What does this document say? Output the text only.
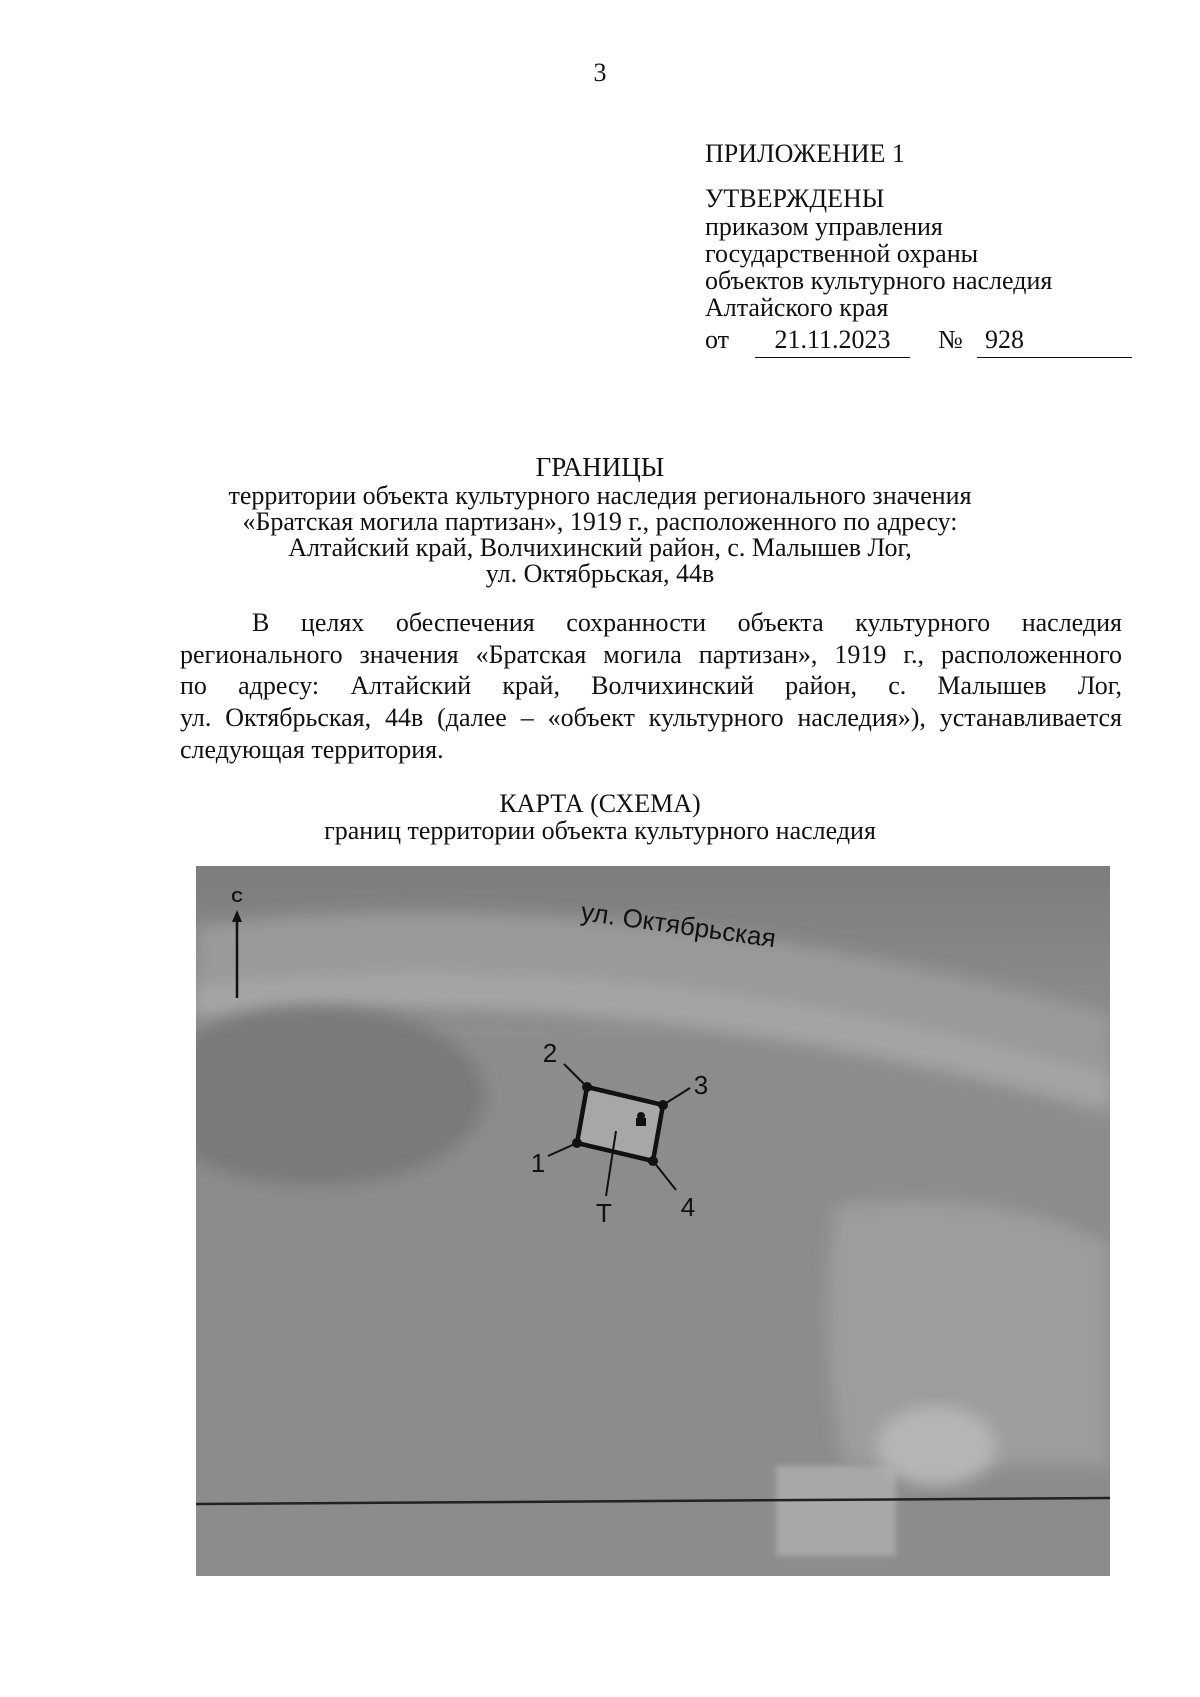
3

ПРИЛОЖЕНИЕ 1

УТВЕРЖДЕНЫ

приказом управления

государственной охраны

объектов культурного наследия

Алтайского края

от	21.11.2023	№ 928

ГРАНИЦЫ

территории объекта культурного наследия регионального значения

«Братская могила партизан», 1919 г., расположенного по адресу:

Алтайский край, Волчихинский район, с. Малышев Лог,

ул. Октябрьская, 44в

В целях обеспечения сохранности объекта культурного наследия
регионального значения «Братская могила партизан», 1919 г., расположенного
по адресу: Алтайский край, Волчихинский район, с. Малышев Лог,
ул. Октябрьская, 44в (далее – «объект культурного наследия»), устанавливается
следующая территория.

КАРТА (СХЕМА)

границ территории объекта культурного наследия

С	ул. Октябрьская
1
2
3
4
Т
